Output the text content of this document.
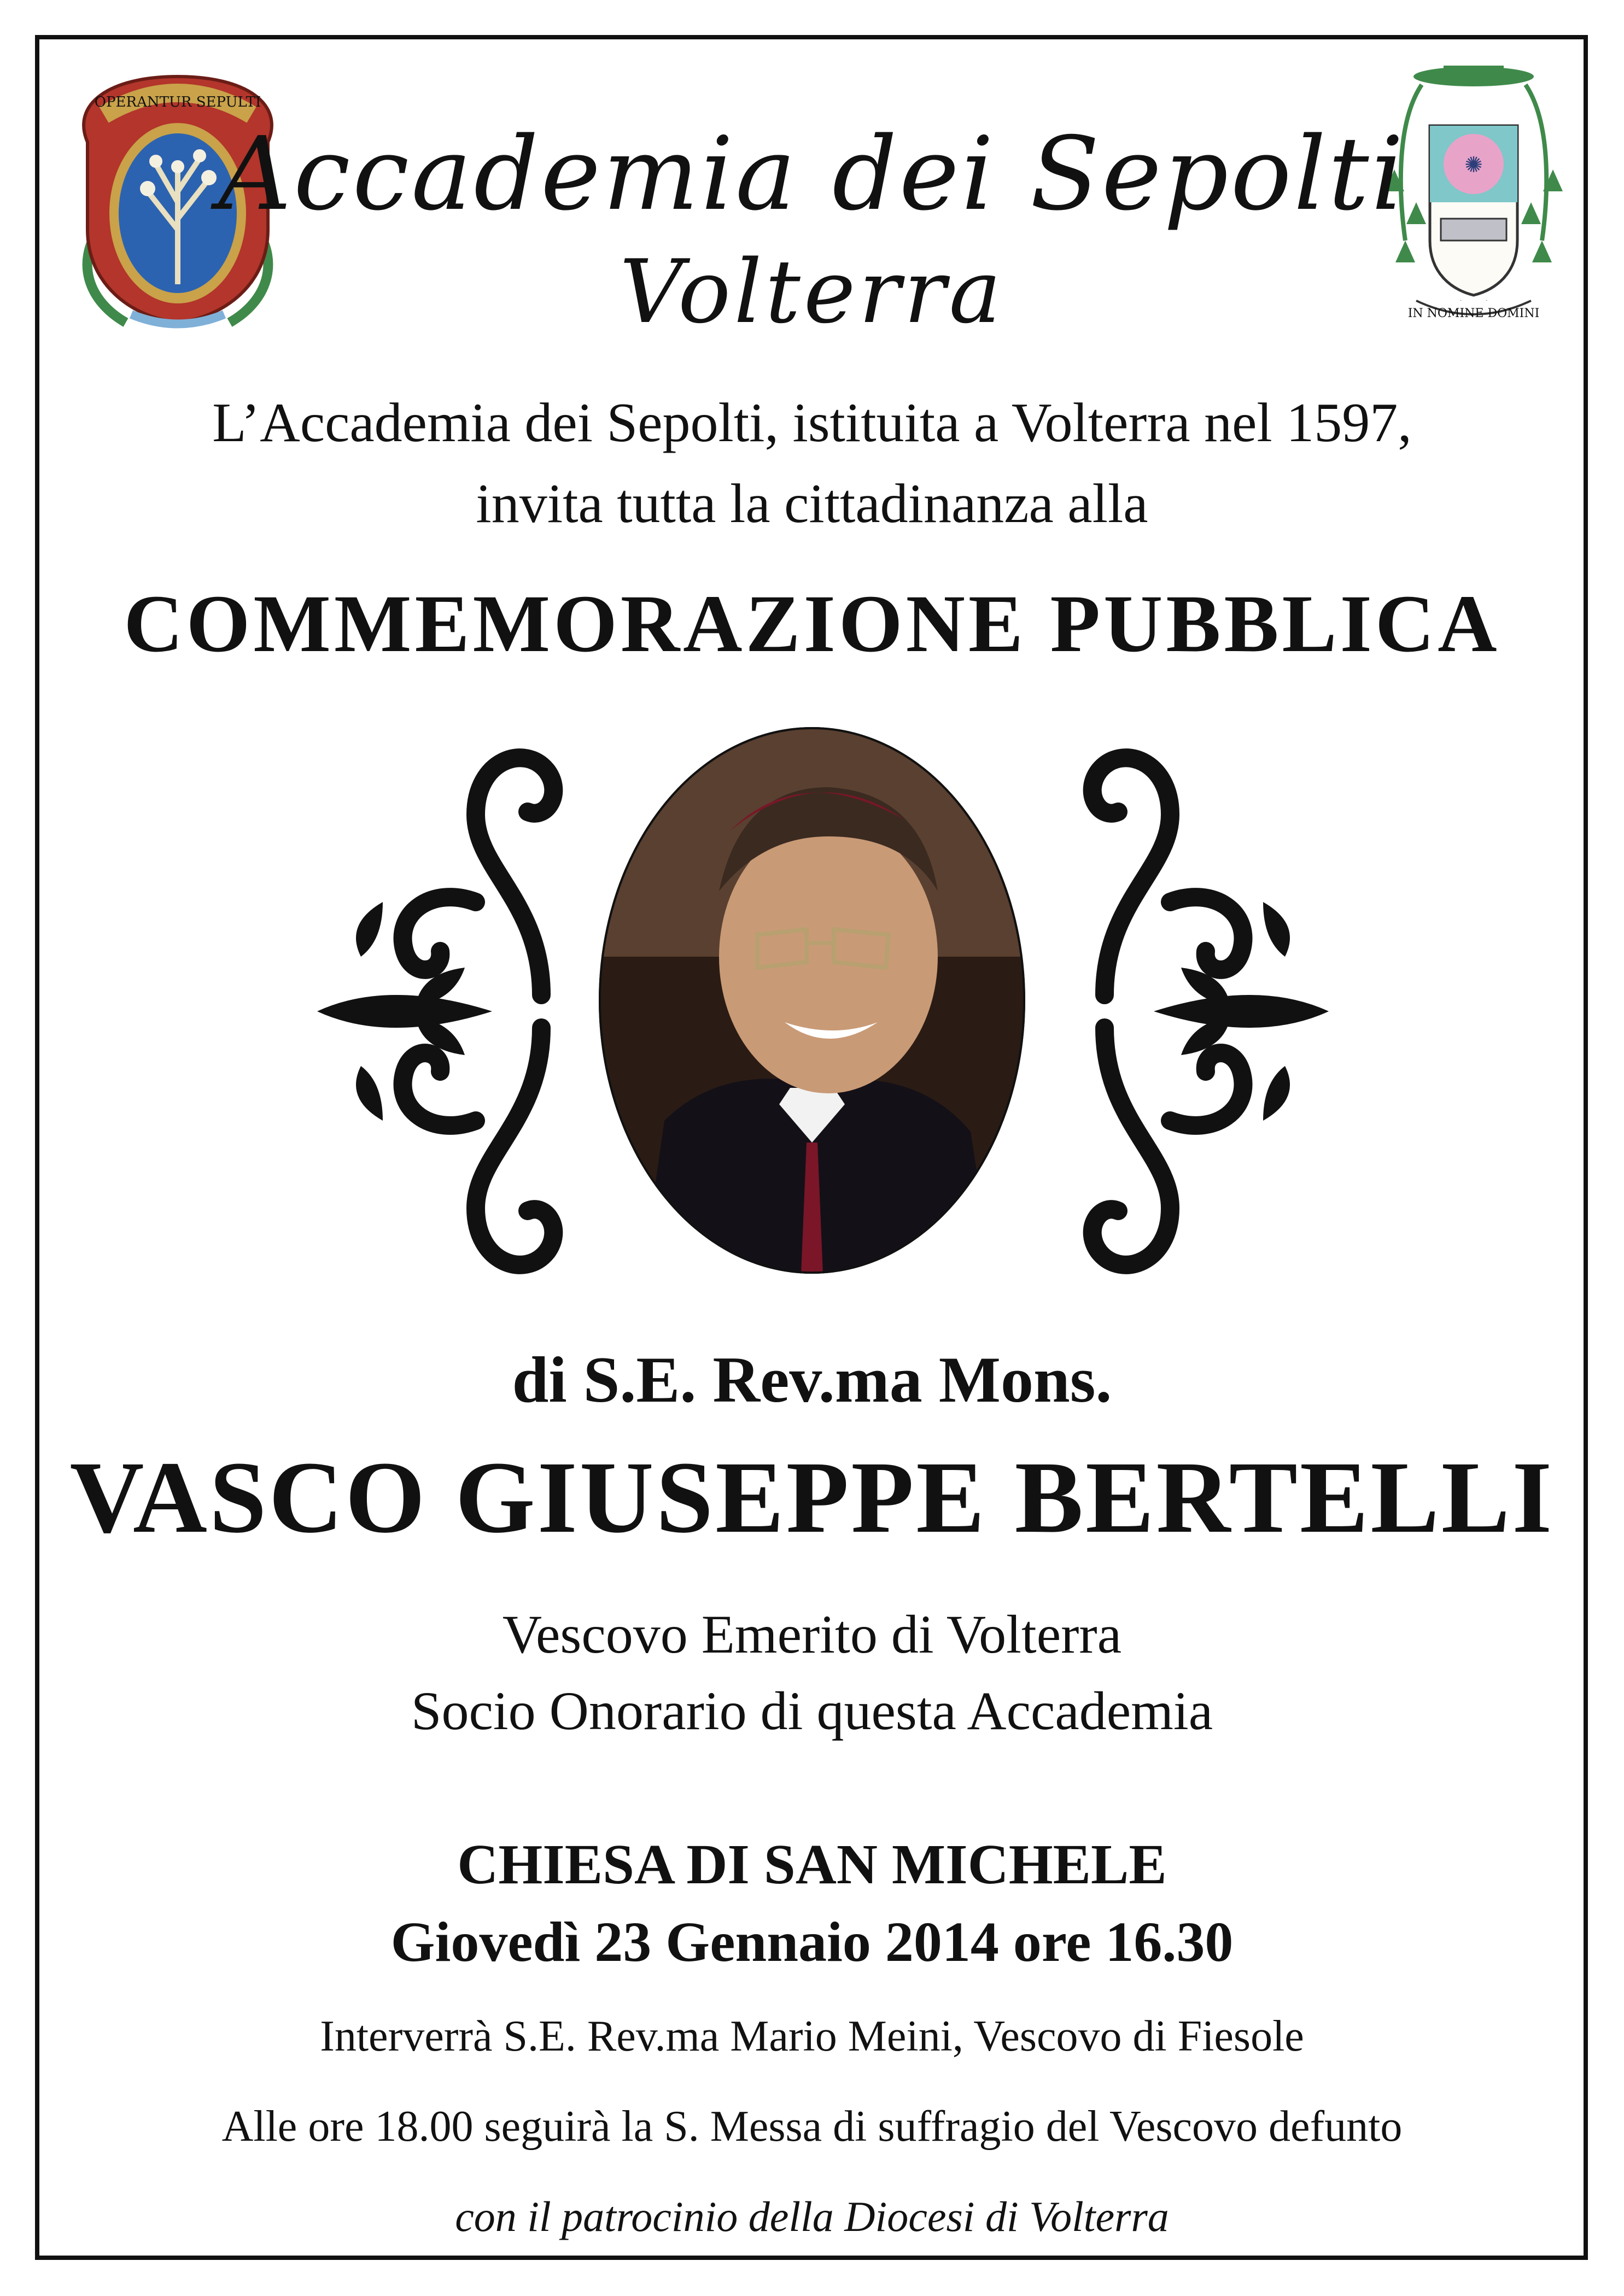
OPERANTUR SEPULTI
✺
IN NOMINE DOMINI
Accademia dei Sepolti
Volterra
L’Accademia dei Sepolti, istituita a Volterra nel 1597,
invita tutta la cittadinanza alla
COMMEMORAZIONE PUBBLICA
di S.E. Rev.ma Mons.
VASCO GIUSEPPE BERTELLI
Vescovo Emerito di Volterra
Socio Onorario di questa Accademia
CHIESA DI SAN MICHELE
Giovedì 23 Gennaio 2014 ore 16.30
Interverrà S.E. Rev.ma Mario Meini, Vescovo di Fiesole
Alle ore 18.00 seguirà la S. Messa di suffragio del Vescovo defunto
con il patrocinio della Diocesi di Volterra
